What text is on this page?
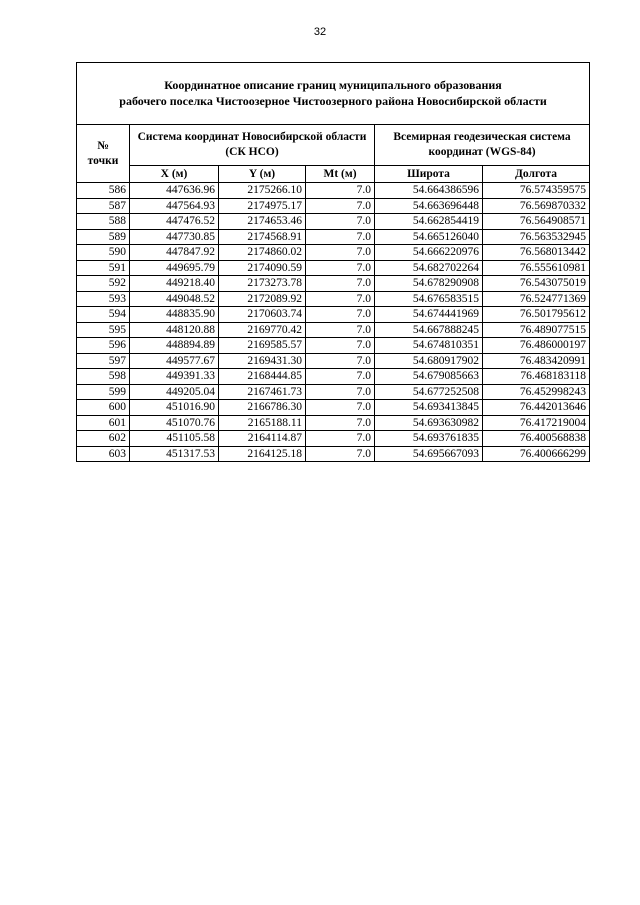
32
Координатное описание границ муниципального образования
рабочего поселка Чистоозерное Чистоозерного района Новосибирской области					

№
точки	Система координат Новосибирской области (СК НСО)			Всемирная геодезическая система координат (WGS-84)	
	X (м)	Y (м)	Mt (м)	Широта	Долгота
586	447636.96	2175266.10	7.0	54.664386596	76.574359575
587	447564.93	2174975.17	7.0	54.663696448	76.569870332
588	447476.52	2174653.46	7.0	54.662854419	76.564908571
589	447730.85	2174568.91	7.0	54.665126040	76.563532945
590	447847.92	2174860.02	7.0	54.666220976	76.568013442
591	449695.79	2174090.59	7.0	54.682702264	76.555610981
592	449218.40	2173273.78	7.0	54.678290908	76.543075019
593	449048.52	2172089.92	7.0	54.676583515	76.524771369
594	448835.90	2170603.74	7.0	54.674441969	76.501795612
595	448120.88	2169770.42	7.0	54.667888245	76.489077515
596	448894.89	2169585.57	7.0	54.674810351	76.486000197
597	449577.67	2169431.30	7.0	54.680917902	76.483420991
598	449391.33	2168444.85	7.0	54.679085663	76.468183118
599	449205.04	2167461.73	7.0	54.677252508	76.452998243
600	451016.90	2166786.30	7.0	54.693413845	76.442013646
601	451070.76	2165188.11	7.0	54.693630982	76.417219004
602	451105.58	2164114.87	7.0	54.693761835	76.400568838
603	451317.53	2164125.18	7.0	54.695667093	76.400666299
